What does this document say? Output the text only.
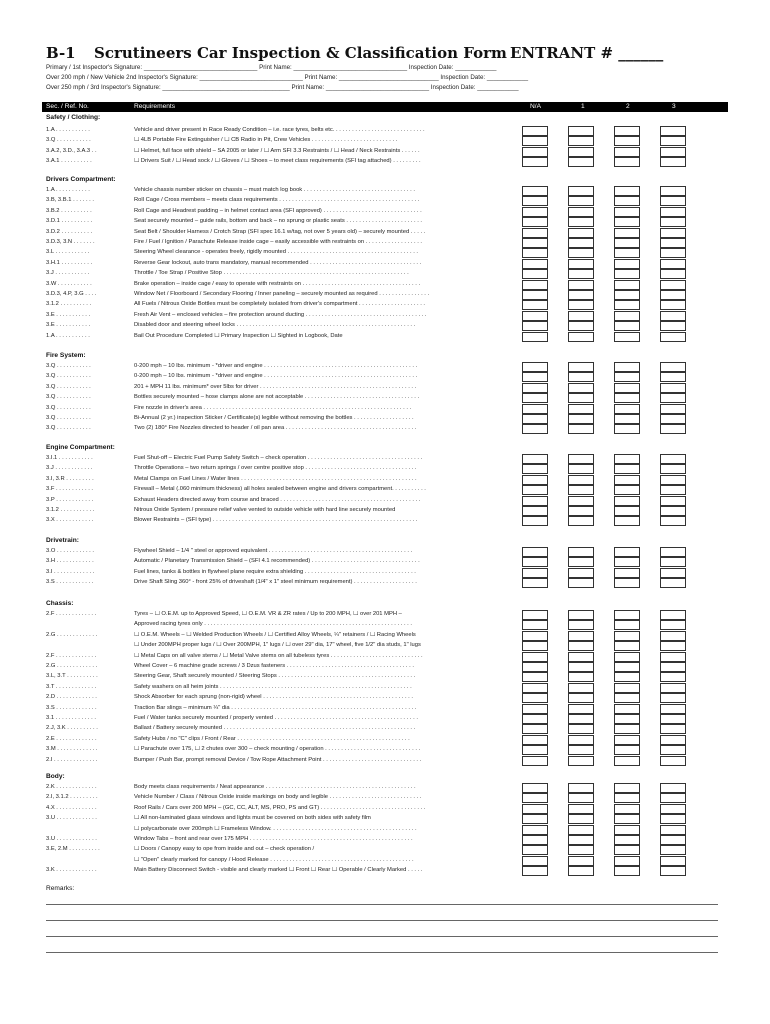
B-1 Scrutineers Car Inspection & Classification Form ENTRANT # ______
Primary / 1st Inspector's Signature: _________________________________ Print Name: _________________________________ Inspection Date: ____________
Over 200 mph / New Vehicle 2nd Inspector's Signature: ______________________________ Print Name: _____________________________ Inspection Date: ____________
Over 250 mph / 3rd Inspector's Signature: _____________________________________ Print Name: ______________________________ Inspection Date: ____________
Sec. / Ref. No.	Requirements	N/A	1	2	3
Safety / Clothing:
1.A . . . . . . . . . . .	Vehicle and driver present in Race Ready Condition – i.e. race tyres, belts etc. . . . . . . . . . . . . . . . . . . . . . . . . . . . .
3.Q . . . . . . . . . . .	☐ 4LB Portable Fire Extinguisher / ☐ CB Radio in Pit, Crew Vehicles . . . . . . . . . . . . . . . . . . . . . . . . . . .
3.A.2, 3.D., 3.A.3 . .	☐ Helmet, full face with shield – SA 2005 or later / ☐ Arm SFI 3.3 Restraints / ☐ Head / Neck Restraints . . . . . .
3.A.1 . . . . . . . . . .	☐ Drivers Suit / ☐ Head sock / ☐ Gloves / ☐ Shoes – to meet class requirements (SFI tag attached) . . . . . . . . .
Drivers Compartment:
1.A . . . . . . . . . . .	Vehicle chassis number sticker on chassis – must match log book . . . . . . . . . . . . . . . . . . . . . . . . . . . . . . . . . . .
3.B, 3.B.1 . . . . . . .	Roll Cage / Cross members – meets class requirements . . . . . . . . . . . . . . . . . . . . . . . . . . . . . . . . . . . . . . . . . . . .
3.B.2 . . . . . . . . . .	Roll Cage and Headrest padding – in helmet contact area (SFI approved) . . . . . . . . . . . . . . . . . . . . . . . . . . . . . . .
3.D.1 . . . . . . . . . .	Seat securely mounted – guide rails, bottom and back – no sprung or plastic seats . . . . . . . . . . . . . . . . . . . . . . . .
3.D.2 . . . . . . . . . .	Seat Belt / Shoulder Harness / Crotch Strap (SFI spec 16.1 w/tag, not over 5 years old) – securely mounted . . . . .
3.D.3, 3.N . . . . . . .	Fire / Fuel / Ignition / Parachute Release inside cage – easily accessible with restraints on . . . . . . . . . . . . . . . . . .
3.L . . . . . . . . . . .	Steering Wheel clearance - operates freely, rigidly mounted . . . . . . . . . . . . . . . . . . . . . . . . . . . . . . . . . . . . . . . . .
3.H.1 . . . . . . . . . .	Reverse Gear lockout, auto trans mandatory, manual recommended . . . . . . . . . . . . . . . . . . . . . . . . . . . . . . . . . . .
3.J . . . . . . . . . . .	Throttle / Toe Strap / Positive Stop . . . . . . . . . . . . . . . . . . . . . . . . . . . . . . . . . . . . . . . . . . . . . . . . . . . . . . . . . .
3.W . . . . . . . . . . .	Brake operation – inside cage / easy to operate with restraints on . . . . . . . . . . . . . . . . . . . . . . . . . . . . . . . . . . . . .
3.D.3, 4.P, 3.G . . . .	Window Net / Floorboard / Secondary Flooring / Inner paneling – securely mounted as required . . . . . . . . . . . . . . . .
3.1.2 . . . . . . . . . .	All Fuels / Nitrous Oxide Bottles must be completely isolated from driver's compartment . . . . . . . . . . . . . . . . . . . . .
3.E . . . . . . . . . . .	Fresh Air Vent – enclosed vehicles – fire protection around ducting . . . . . . . . . . . . . . . . . . . . . . . . . . . . . . . . . . . . . .
3.E . . . . . . . . . . .	Disabled door and steering wheel locks . . . . . . . . . . . . . . . . . . . . . . . . . . . . . . . . . . . . . . . . . . . . . . . . . . . . . . . .
1.A . . . . . . . . . . .	Bail Out Procedure Completed ☐ Primary Inspection ☐ Sighted in Logbook, Date
Fire System:
3.Q . . . . . . . . . . .	0-200 mph – 10 lbs. minimum - *driver and engine . . . . . . . . . . . . . . . . . . . . . . . . . . . . . . . . . . . . . . . . . . . . . . . .
3.Q . . . . . . . . . . .	0-200 mph – 10 lbs. minimum - *driver and engine . . . . . . . . . . . . . . . . . . . . . . . . . . . . . . . . . . . . . . . . . . . . . . . .
3.Q . . . . . . . . . . .	201 + MPH 11 lbs. minimum* over 5lbs for driver . . . . . . . . . . . . . . . . . . . . . . . . . . . . . . . . . . . . . . . . . . . . . . . . .
3.Q . . . . . . . . . . .	Bottles securely mounted – hose clamps alone are not acceptable . . . . . . . . . . . . . . . . . . . . . . . . . . . . . . . . . . . .
3.Q . . . . . . . . . . .	Fire nozzle in driver's area . . . . . . . . . . . . . . . . . . . . . . . . . . . . . . . . . . . . . . . . . . . . . . . . . . . . . . . . . . . . . . . . .
3.Q . . . . . . . . . . .	Bi-Annual (2 yr.) inspection Sticker / Certificate(s) legible without removing the bottles . . . . . . . . . . . . . . . . . . .
3.Q . . . . . . . . . . .	Two (2) 180° Fire Nozzles directed to header / oil pan area . . . . . . . . . . . . . . . . . . . . . . . . . . . . . . . . . . . . . . . . .
Engine Compartment:
3.I.1 . . . . . . . . . . .	Fuel Shut-off – Electric Fuel Pump Safety Switch – check operation . . . . . . . . . . . . . . . . . . . . . . . . . . . . . . . . . . . .
3.J . . . . . . . . . . . .	Throttle Operations – two return springs / over centre positive stop . . . . . . . . . . . . . . . . . . . . . . . . . . . . . . . . . . .
3.I, 3.R . . . . . . . . .	Metal Clamps on Fuel Lines / Water lines . . . . . . . . . . . . . . . . . . . . . . . . . . . . . . . . . . . . . . . . . . . . . . . . . . . . . . .
3.F . . . . . . . . . . . .	Firewall – Metal (.060 minimum thickness) all holes sealed between engine and drivers compartment. . . . . . . . . . .
3.P . . . . . . . . . . . .	Exhaust Headers directed away from course and braced . . . . . . . . . . . . . . . . . . . . . . . . . . . . . . . . . . . . . . . . . . . .
3.1.2 . . . . . . . . . . .	Nitrous Oxide System / pressure relief valve vented to outside vehicle with hard line securely mounted
3.X . . . . . . . . . . . .	Blower Restraints – (SFI type) . . . . . . . . . . . . . . . . . . . . . . . . . . . . . . . . . . . . . . . . . . . . . . . . . . . . . . . . . . . . . . . .
Drivetrain:
3.O . . . . . . . . . . . .	Flywheel Shield – 1/4 " steel or approved equivalent . . . . . . . . . . . . . . . . . . . . . . . . . . . . . . . . . . . . . . . . . . . . .
3.H . . . . . . . . . . . .	Automatic / Planetary Transmission Shield – (SFI 4.1 recommended) . . . . . . . . . . . . . . . . . . . . . . . . . . . . . . . . . .
3.I . . . . . . . . . . . . .	Fuel lines, tanks & bottles in flywheel plane require extra shielding . . . . . . . . . . . . . . . . . . . . . . . . . . . . . . . . . . .
3.S . . . . . . . . . . . .	Drive Shaft Sling 360° - front 25% of driveshaft (1/4" x 1" steel minimum requirement) . . . . . . . . . . . . . . . . . . . .
Chassis:
2.F . . . . . . . . . . . . .	Tyres – ☐ O.E.M. up to Approved Speed, ☐ O.E.M. VR & ZR rates / Up to 200 MPH, ☐ over 201 MPH –
Approved racing tyres only . . . . . . . . . . . . . . . . . . . . . . . . . . . . . . . . . . . . . . . . . . . . . . . . . . . . . . . . . . . . . . . . .
2.G . . . . . . . . . . . . .	☐ O.E.M. Wheels – ☐ Welded Production Wheels / ☐ Certified Alloy Wheels, ¼" retainers / ☐ Racing Wheels
☐ Under 200MPH proper lugs / ☐ Over 200MPH, 1" lugs / ☐ over 29" dia, 17" wheel, five 1/2" dia studs, 1" lugs
2.F . . . . . . . . . . . . .	☐ Metal Caps on all valve stems / ☐ Metal Valve stems on all tubeless tyres . . . . . . . . . . . . . . . . . . . . . . . . . . . . .
2.G . . . . . . . . . . . . .	Wheel Cover – 6 machine grade screws / 3 Dzus fasteners . . . . . . . . . . . . . . . . . . . . . . . . . . . . . . . . . . . . . . . .
3.L, 3.T . . . . . . . . . .	Steering Gear, Shaft securely mounted / Steering Stops . . . . . . . . . . . . . . . . . . . . . . . . . . . . . . . . . . . . . . . . . . .
3.T . . . . . . . . . . . . .	Safety washers on all heim joints . . . . . . . . . . . . . . . . . . . . . . . . . . . . . . . . . . . . . . . . . . . . . . . . . . . . . . . . . . . .
2.D . . . . . . . . . . . . .	Shock Absorber for each sprung (non-rigid) wheel . . . . . . . . . . . . . . . . . . . . . . . . . . . . . . . . . . . . . . . . . . . . . . .
3.S . . . . . . . . . . . . .	Traction Bar slings – minimum ¼" dia . . . . . . . . . . . . . . . . . . . . . . . . . . . . . . . . . . . . . . . . . . . . . . . . . . . . . . . . . .
3.1 . . . . . . . . . . . . .	Fuel / Water tanks securely mounted / properly vented . . . . . . . . . . . . . . . . . . . . . . . . . . . . . . . . . . . . . . . . . . . . .
2.J, 3.K . . . . . . . . . .	Ballast / Battery securely mounted . . . . . . . . . . . . . . . . . . . . . . . . . . . . . . . . . . . . . . . . . . . . . . . . . . . . . . . . . . . .
2.E . . . . . . . . . . . . .	Safety Hubs / no "C" clips / Front / Rear . . . . . . . . . . . . . . . . . . . . . . . . . . . . . . . . . . . . . . . . . . . . . . . . . . . . . .
3.M . . . . . . . . . . . . .	☐ Parachute over 175, ☐ 2 chutes over 300 – check mounting / operation . . . . . . . . . . . . . . . . . . . . . . . . . . . . . .
2.I . . . . . . . . . . . . . .	Bumper / Push Bar, prompt removal Device / Tow Rope Attachment Point . . . . . . . . . . . . . . . . . . . . . . . . . . . . . . .
Body:
2.K . . . . . . . . . . . . .	Body meets class requirements / Neat appearance . . . . . . . . . . . . . . . . . . . . . . . . . . . . . . . . . . . . . . . . . . . . . . .
2.I, 3.1.2 . . . . . . . . .	Vehicle Number / Class / Nitrous Oxide inside markings on body and legible . . . . . . . . . . . . . . . . . . . . . . . . . . . . .
4.X . . . . . . . . . . . . .	Roof Rails / Cars over 200 MPH – (GC, CC, ALT, MS, PRO, PS and GT) . . . . . . . . . . . . . . . . . . . . . . . . . . . . . . . . .
3.U . . . . . . . . . . . . .	☐ All non-laminated glass windows and lights must be covered on both sides with safety film
☐ polycarbonate over 200mph ☐ Frameless Window. . . . . . . . . . . . . . . . . . . . . . . . . . . . . . . . . . . . . . . . . . . . . .
3.U . . . . . . . . . . . . .	Window Tabs – front and rear over 175 MPH . . . . . . . . . . . . . . . . . . . . . . . . . . . . . . . . . . . . . . . . . . . . . . . . . . .
3.E, 2.M . . . . . . . . . .	☐ Doors / Canopy easy to ope from inside and out – check operation /
☐ "Open" clearly marked for canopy / Hood Release . . . . . . . . . . . . . . . . . . . . . . . . . . . . . . . . . . . . . . . . . . . . .
3.K . . . . . . . . . . . . .	Main Battery Disconnect Switch - visible and clearly marked ☐ Front ☐ Rear ☐ Operable / Clearly Marked . . . . .
Remarks:
